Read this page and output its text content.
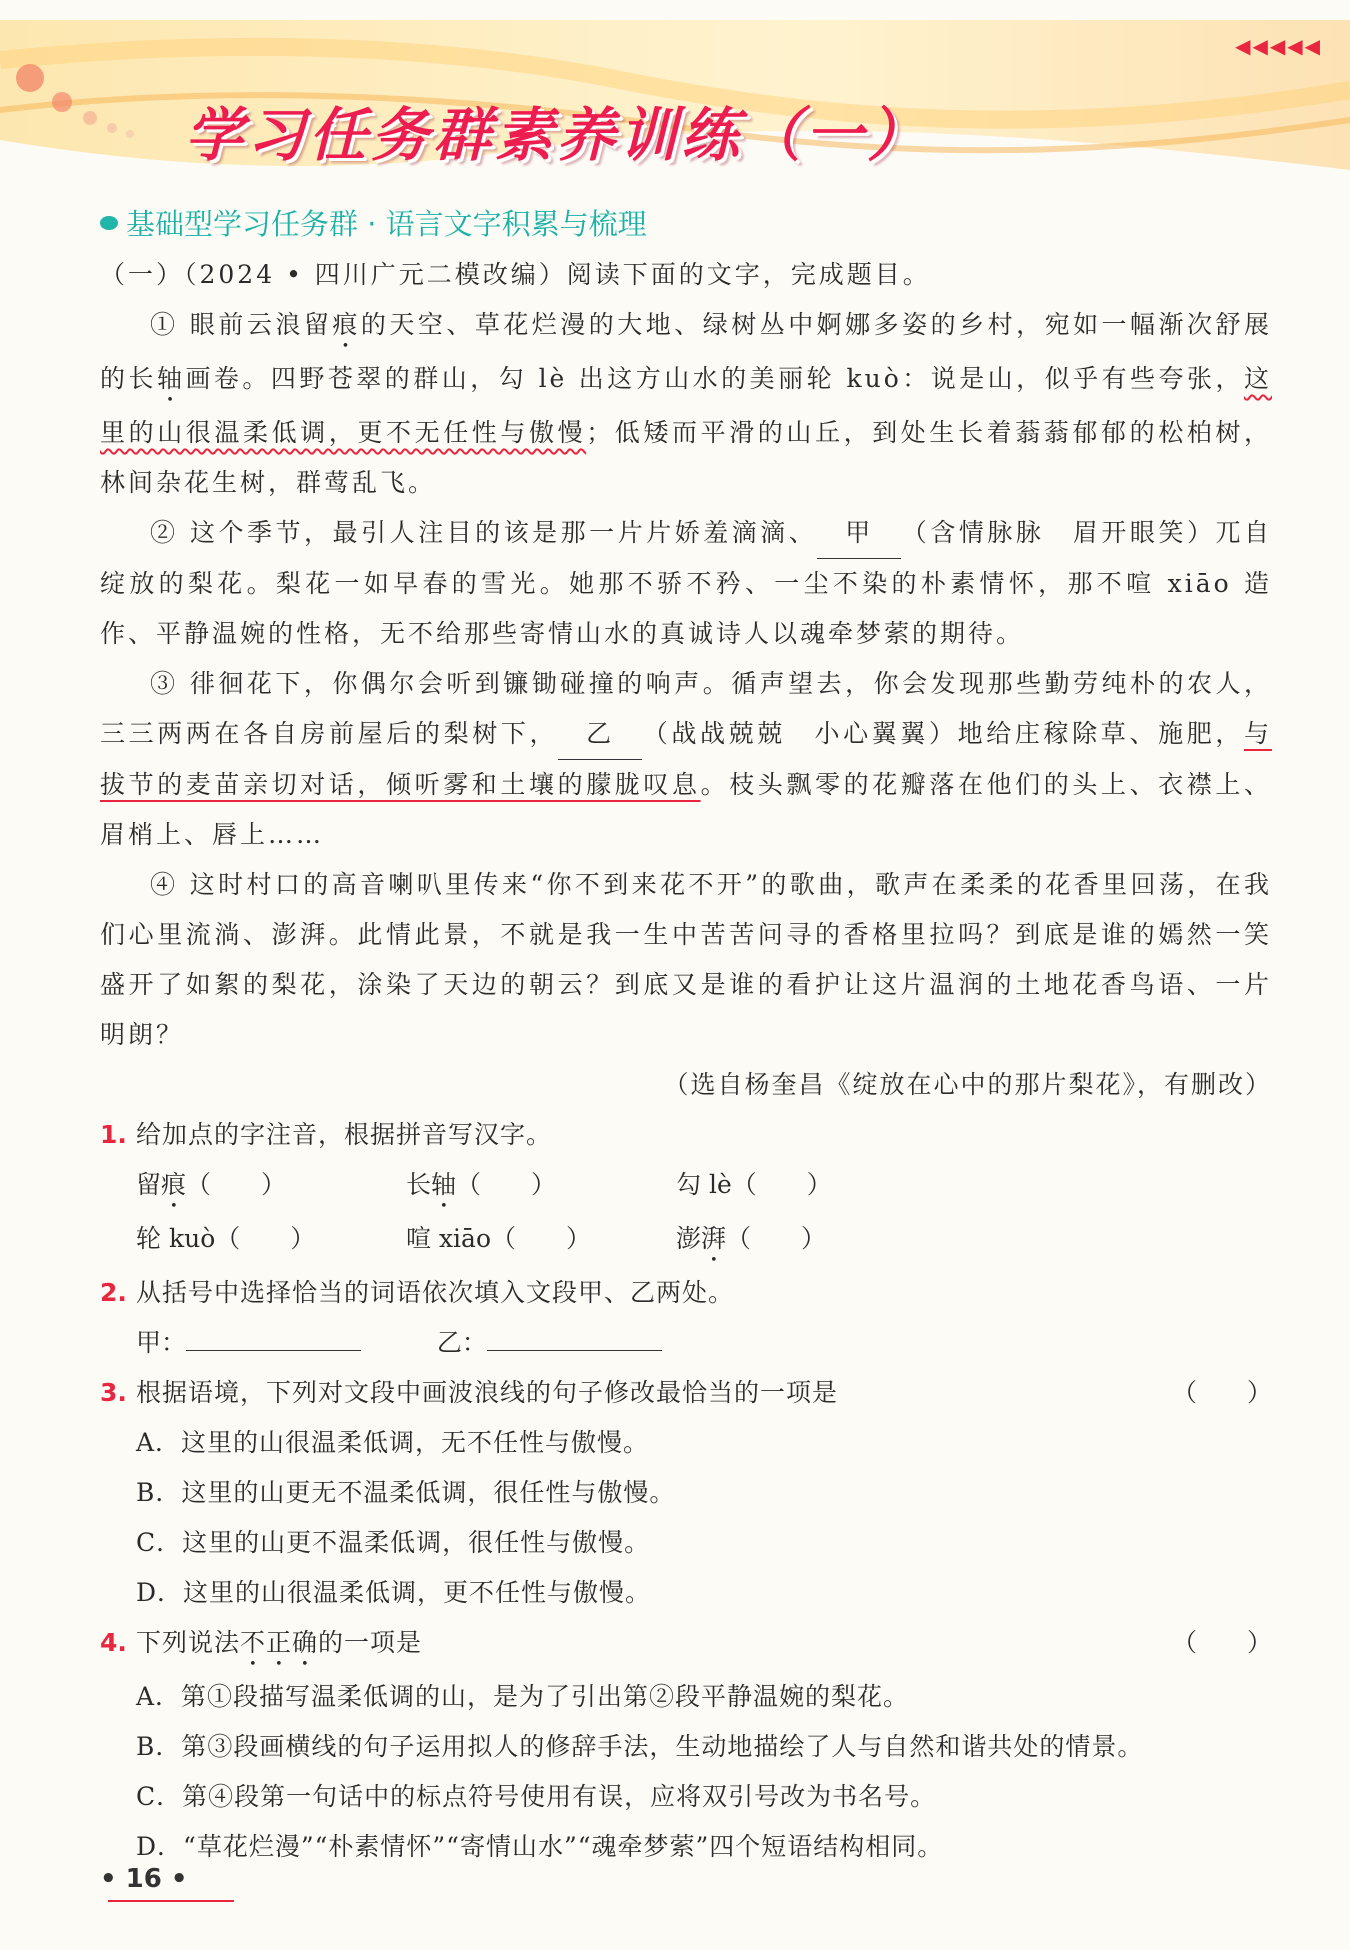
◀◀◀◀◀
学习任务群素养训练（一）
基础型学习任务群 · 语言文字积累与梳理

（一）（2024 • 四川广元二模改编）阅读下面的文字，完成题目。

① 眼前云浪留痕的天空、草花烂漫的大地、绿树丛中婀娜多姿的乡村，宛如一幅渐次舒展的长轴画卷。四野苍翠的群山，勾 lè 出这方山水的美丽轮 kuò：说是山，似乎有些夸张，这里的山很温柔低调，更不无任性与傲慢；低矮而平滑的山丘，到处生长着蓊蓊郁郁的松柏树，林间杂花生树，群莺乱飞。

② 这个季节，最引人注目的该是那一片片娇羞滴滴、 甲 （含情脉脉　眉开眼笑）兀自绽放的梨花。梨花一如早春的雪光。她那不骄不矜、一尘不染的朴素情怀，那不喧 xiāo 造作、平静温婉的性格，无不给那些寄情山水的真诚诗人以魂牵梦萦的期待。

③ 徘徊花下，你偶尔会听到镰锄碰撞的响声。循声望去，你会发现那些勤劳纯朴的农人，三三两两在各自房前屋后的梨树下， 乙 （战战兢兢　小心翼翼）地给庄稼除草、施肥，与拔节的麦苗亲切对话，倾听雾和土壤的朦胧叹息。枝头飘零的花瓣落在他们的头上、衣襟上、眉梢上、唇上……

④ 这时村口的高音喇叭里传来“你不到来花不开”的歌曲，歌声在柔柔的花香里回荡，在我们心里流淌、澎湃。此情此景，不就是我一生中苦苦问寻的香格里拉吗？到底是谁的嫣然一笑盛开了如絮的梨花，涂染了天边的朝云？到底又是谁的看护让这片温润的土地花香鸟语、一片明朗？

（选自杨奎昌《绽放在心中的那片梨花》，有删改）

1. 给加点的字注音，根据拼音写汉字。
留痕（　　）	长轴（　　）	勾 lè（　　）
轮 kuò（　　）	喧 xiāo（　　）	澎湃（　　）
2. 从括号中选择恰当的词语依次填入文段甲、乙两处。
甲：	乙：
3. 根据语境，下列对文段中画波浪线的句子修改最恰当的一项是	（　　）

A．这里的山很温柔低调，无不任性与傲慢。

B．这里的山更无不温柔低调，很任性与傲慢。

C．这里的山更不温柔低调，很任性与傲慢。

D．这里的山很温柔低调，更不任性与傲慢。

4. 下列说法不正确的一项是	（　　）

A．第①段描写温柔低调的山，是为了引出第②段平静温婉的梨花。

B．第③段画横线的句子运用拟人的修辞手法，生动地描绘了人与自然和谐共处的情景。

C．第④段第一句话中的标点符号使用有误，应将双引号改为书名号。

D．“草花烂漫”“朴素情怀”“寄情山水”“魂牵梦萦”四个短语结构相同。

• 16 •
